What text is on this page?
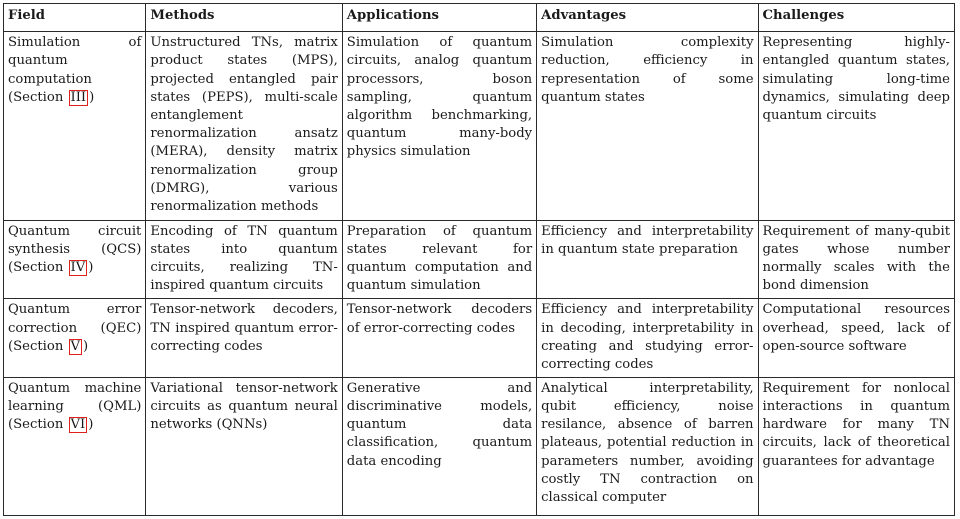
Field	Methods	Applications	Advantages	Challenges
Simulation of quantum computation (Section III )	Unstructured TNs, matrix product states (MPS), projected entangled pair states (PEPS), multi-scale entanglement renormalization ansatz (MERA), density matrix renormalization group (DMRG), various renormalization methods	Simulation of quantum circuits, analog quantum processors, boson sampling, quantum algorithm benchmarking, quantum many-body physics simulation	Simulation complexity reduction, efficiency in representation of some quantum states	Representing highly-entangled quantum states, simulating long-time dynamics, simulating deep quantum circuits
Quantum circuit synthesis (QCS) (Section IV )	Encoding of TN quantum states into quantum circuits, realizing TN-inspired quantum circuits	Preparation of quantum states relevant for quantum computation and quantum simulation	Efficiency and interpretability in quantum state preparation	Requirement of many-qubit gates whose number normally scales with the bond dimension
Quantum error correction (QEC) (Section V )	Tensor-network decoders, TN inspired quantum error-correcting codes	Tensor-network decoders of error-correcting codes	Efficiency and interpretability in decoding, interpretability in creating and studying error-correcting codes	Computational resources overhead, speed, lack of open-source software
Quantum machine learning (QML) (Section VI )	Variational tensor-network circuits as quantum neural networks (QNNs)	Generative and discriminative models, quantum data classification, quantum data encoding	Analytical interpretability, qubit efficiency, noise resilance, absence of barren plateaus, potential reduction in parameters number, avoiding costly TN contraction on classical computer	Requirement for nonlocal interactions in quantum hardware for many TN circuits, lack of theoretical guarantees for advantage
